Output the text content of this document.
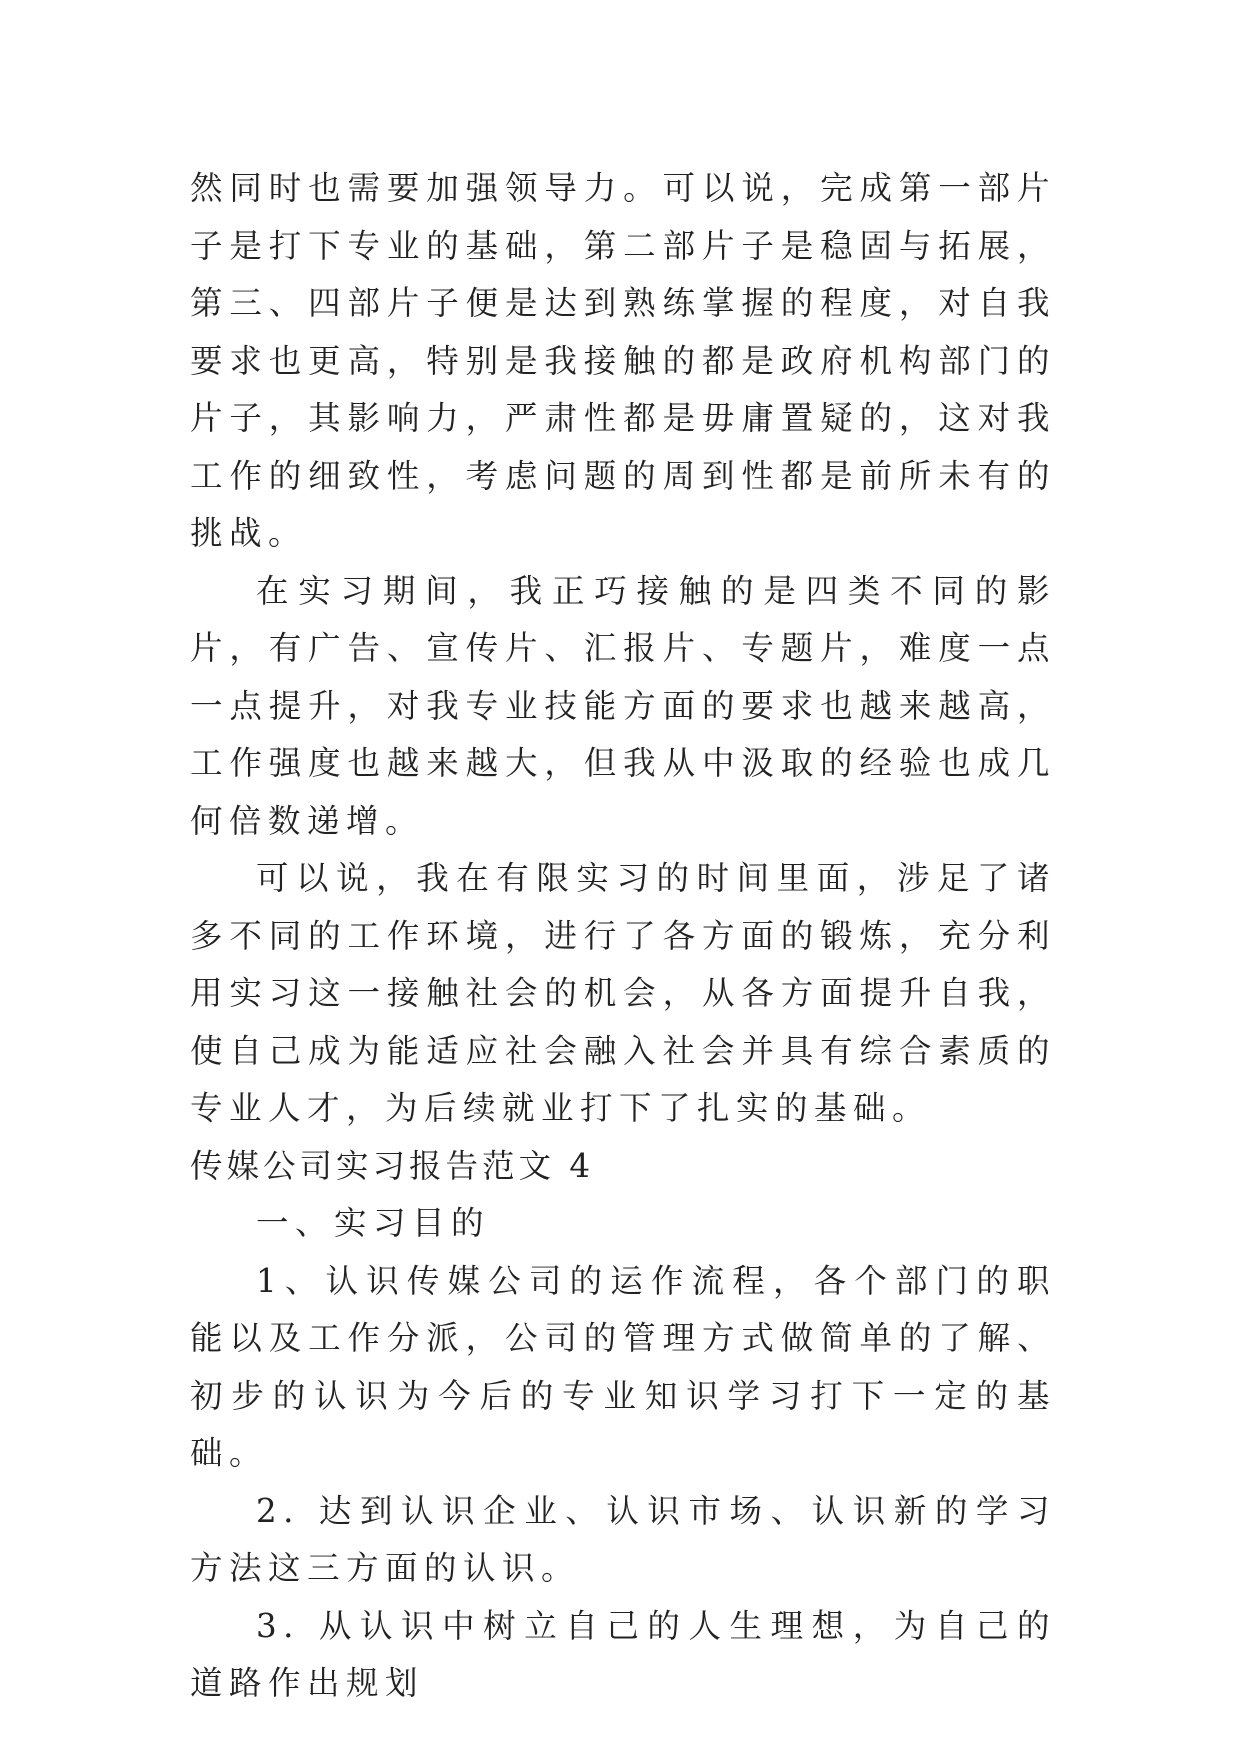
然同时也需要加强领导力。可以说，完成第一部片子是打下专业的基础，第二部片子是稳固与拓展，第三、四部片子便是达到熟练掌握的程度，对自我要求也更高，特别是我接触的都是政府机构部门的片子，其影响力，严肃性都是毋庸置疑的，这对我工作的细致性，考虑问题的周到性都是前所未有的挑战。

在实习期间，我正巧接触的是四类不同的影片，有广告、宣传片、汇报片、专题片，难度一点一点提升，对我专业技能方面的要求也越来越高，工作强度也越来越大，但我从中汲取的经验也成几何倍数递增。

可以说，我在有限实习的时间里面，涉足了诸多不同的工作环境，进行了各方面的锻炼，充分利用实习这一接触社会的机会，从各方面提升自我，使自己成为能适应社会融入社会并具有综合素质的专业人才，为后续就业打下了扎实的基础。

传媒公司实习报告范文 4

一、实习目的

1、认识传媒公司的运作流程，各个部门的职能以及工作分派，公司的管理方式做简单的了解、初步的认识为今后的专业知识学习打下一定的基础。

2. 达到认识企业、认识市场、认识新的学习方法这三方面的认识。

3. 从认识中树立自己的人生理想，为自己的道路作出规划
